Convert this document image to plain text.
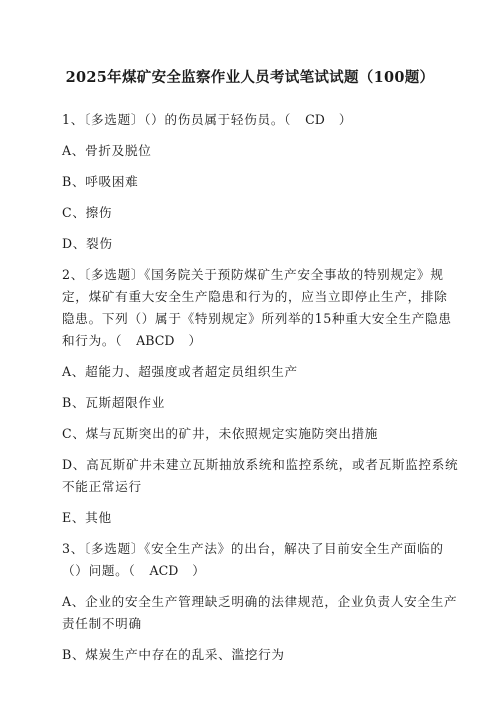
2025年煤矿安全监察作业人员考试笔试试题（100题）
1、〔多选题〕（）的伤员属于轻伤员。（ CD ）
A、骨折及脱位
B、呼吸困难
C、擦伤
D、裂伤
2、〔多选题〕《国务院关于预防煤矿生产安全事故的特别规定》规
定，煤矿有重大安全生产隐患和行为的，应当立即停止生产，排除
隐患。下列（）属于《特别规定》所列举的15种重大安全生产隐患
和行为。（ ABCD ）
A、超能力、超强度或者超定员组织生产
B、瓦斯超限作业
C、煤与瓦斯突出的矿井，未依照规定实施防突出措施
D、高瓦斯矿井未建立瓦斯抽放系统和监控系统，或者瓦斯监控系统
不能正常运行
E、其他
3、〔多选题〕《安全生产法》的出台，解决了目前安全生产面临的
（）问题。（ ACD ）
A、企业的安全生产管理缺乏明确的法律规范，企业负责人安全生产
责任制不明确
B、煤炭生产中存在的乱采、滥挖行为
